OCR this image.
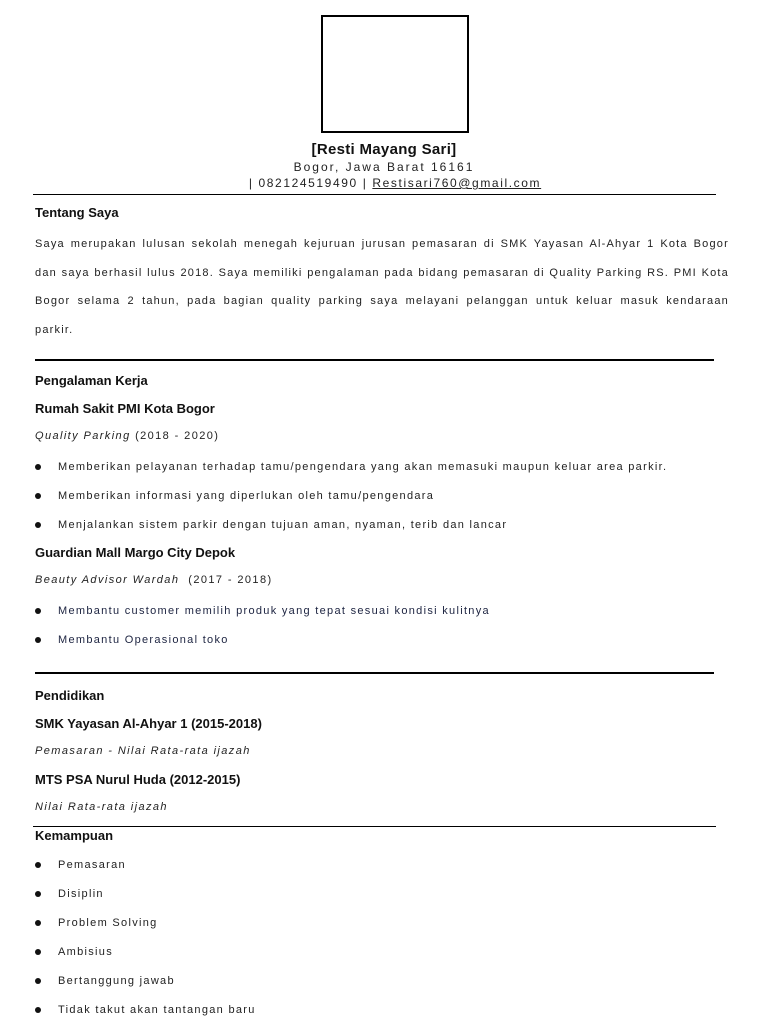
[Resti Mayang Sari]
Bogor, Jawa Barat 16161
| 082124519490 | Restisari760@gmail.com
Tentang Saya
Saya merupakan lulusan sekolah menegah kejuruan jurusan pemasaran di SMK Yayasan Al-Ahyar 1 Kota Bogor dan saya berhasil lulus 2018. Saya memiliki pengalaman pada bidang pemasaran di Quality Parking RS. PMI Kota Bogor selama 2 tahun, pada bagian quality parking saya melayani pelanggan untuk keluar masuk kendaraan parkir.
Pengalaman Kerja
Rumah Sakit PMI Kota Bogor
Quality Parking (2018 - 2020)
Memberikan pelayanan terhadap tamu/pengendara yang akan memasuki maupun keluar area parkir.
Memberikan informasi yang diperlukan oleh tamu/pengendara
Menjalankan sistem parkir dengan tujuan aman, nyaman, terib dan lancar
Guardian Mall Margo City Depok
Beauty Advisor Wardah (2017 - 2018)
Membantu customer memilih produk yang tepat sesuai kondisi kulitnya
Membantu Operasional toko
Pendidikan
SMK Yayasan Al-Ahyar 1 (2015-2018)
Pemasaran - Nilai Rata-rata ijazah
MTS PSA Nurul Huda (2012-2015)
Nilai Rata-rata ijazah
Kemampuan
Pemasaran
Disiplin
Problem Solving
Ambisius
Bertanggung jawab
Tidak takut akan tantangan baru
